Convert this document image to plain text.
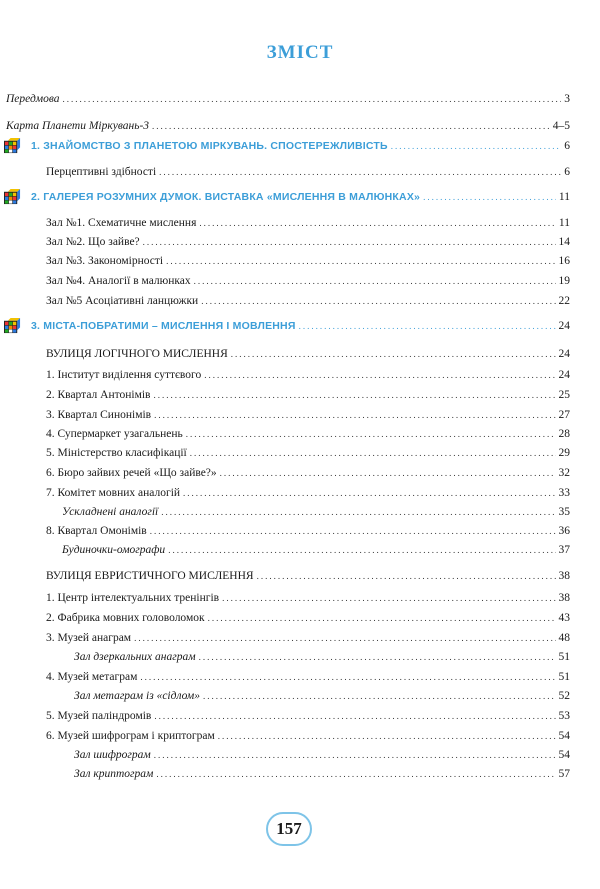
ЗМІСТ
Передмова .....	3
Карта Планети Міркувань-3 .....	4–5
1. ЗНАЙОМСТВО З ПЛАНЕТОЮ МІРКУВАНЬ. СПОСТЕРЕЖЛИВІСТЬ .....	6
Перцептивні здібності .....	6
2. ГАЛЕРЕЯ РОЗУМНИХ ДУМОК. ВИСТАВКА «МИСЛЕННЯ В МАЛЮНКАХ» .....	11
Зал №1. Схематичне мислення .....	11
Зал №2. Що зайве? .....	14
Зал №3. Закономірності .....	16
Зал №4. Аналогії в малюнках .....	19
Зал №5 Асоціативні ланцюжки .....	22
3. МІСТА-ПОБРАТИМИ – МИСЛЕННЯ І МОВЛЕННЯ .....	24
ВУЛИЦЯ ЛОГІЧНОГО МИСЛЕННЯ .....	24
1. Інститут виділення суттєвого .....	24
2. Квартал Антонімів .....	25
3. Квартал Синонімів .....	27
4. Супермаркет узагальнень .....	28
5. Міністерство класифікації .....	29
6. Бюро зайвих речей «Що зайве?» .....	32
7. Комітет мовних аналогій .....	33
Ускладнені аналогії .....	35
8. Квартал Омонімів .....	36
Будиночки-омографи .....	37
ВУЛИЦЯ ЕВРИСТИЧНОГО МИСЛЕННЯ .....	38
1. Центр інтелектуальних тренінгів .....	38
2. Фабрика мовних головоломок .....	43
3. Музей анаграм .....	48
Зал дзеркальних анаграм .....	51
4. Музей метаграм .....	51
Зал метаграм із «сідлом» .....	52
5. Музей паліндромів .....	53
6. Музей шифрограм і криптограм .....	54
Зал шифрограм .....	54
Зал криптограм .....	57
157
